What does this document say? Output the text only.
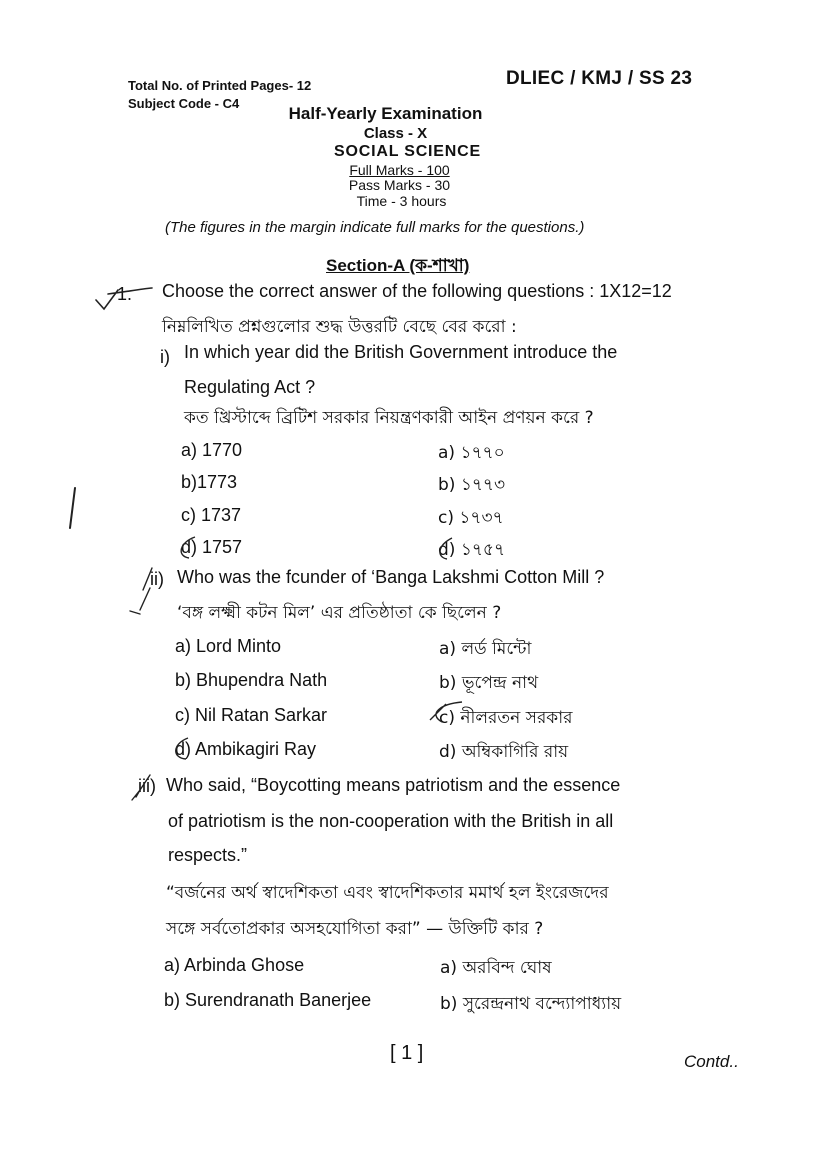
Total No. of Printed Pages- 12
Subject Code - C4
DLIEC / KMJ / SS 23
Half-Yearly Examination
Class - X
SOCIAL SCIENCE
Full Marks - 100
Pass Marks - 30
Time - 3 hours
(The figures in the margin indicate full marks for the questions.)
Section-A (ক-শাখা)
1. Choose the correct answer of the following questions : 1X12=12
নিম্নলিখিত প্রশ্নগুলোর শুদ্ধ উত্তরটি বেছে বের করো :
i) In which year did the British Government introduce the
Regulating Act ?
কত খ্রিস্টাব্দে ব্রিটিশ সরকার নিয়ন্ত্রণকারী আইন প্রণয়ন করে ?
a) 1770
b)1773
c) 1737
d) 1757
a) ১৭৭০
b) ১৭৭৩
c) ১৭৩৭
d) ১৭৫৭
ii) Who was the fcunder of ‘Banga Lakshmi Cotton Mill ?
‘বঙ্গ লক্ষ্মী কটন মিল’ এর প্রতিষ্ঠাতা কে ছিলেন ?
a) Lord Minto
b) Bhupendra Nath
c) Nil Ratan Sarkar
d) Ambikagiri Ray
a) লর্ড মিন্টো
b) ভূপেন্দ্র নাথ
c) নীলরতন সরকার
d) অম্বিকাগিরি রায়
iii) Who said, “Boycotting means patriotism and the essence
of patriotism is the non-cooperation with the British in all
respects.”
“বর্জনের অর্থ স্বাদেশিকতা এবং স্বাদেশিকতার মমার্থ হল ইংরেজদের
সঙ্গে সর্বতোপ্রকার অসহযোগিতা করা” — উক্তিটি কার ?
a) Arbinda Ghose
b) Surendranath Banerjee
a) অরবিন্দ ঘোষ
b) সুরেন্দ্রনাথ বন্দ্যোপাধ্যায়
[ 1 ]	Contd..
